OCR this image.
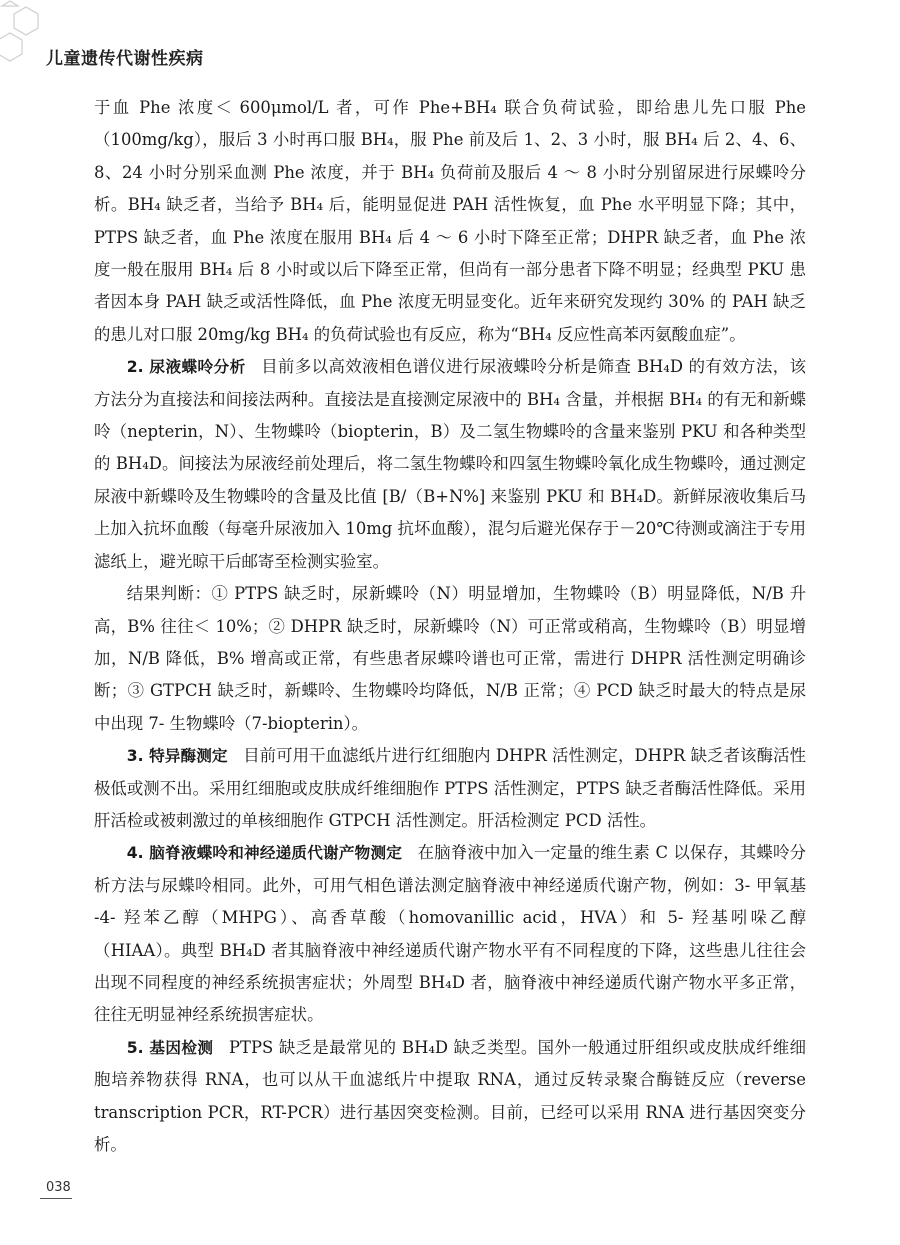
儿童遗传代谢性疾病

于血 Phe 浓度＜ 600μmol/L 者，可作 Phe+BH₄ 联合负荷试验，即给患儿先口服 Phe（100mg/kg），服后 3 小时再口服 BH₄，服 Phe 前及后 1、2、3 小时，服 BH₄ 后 2、4、6、8、24 小时分别采血测 Phe 浓度，并于 BH₄ 负荷前及服后 4 ～ 8 小时分别留尿进行尿蝶呤分析。BH₄ 缺乏者，当给予 BH₄ 后，能明显促进 PAH 活性恢复，血 Phe 水平明显下降；其中，PTPS 缺乏者，血 Phe 浓度在服用 BH₄ 后 4 ～ 6 小时下降至正常；DHPR 缺乏者，血 Phe 浓度一般在服用 BH₄ 后 8 小时或以后下降至正常，但尚有一部分患者下降不明显；经典型 PKU 患者因本身 PAH 缺乏或活性降低，血 Phe 浓度无明显变化。近年来研究发现约 30% 的 PAH 缺乏的患儿对口服 20mg/kg BH₄ 的负荷试验也有反应，称为“BH₄ 反应性高苯丙氨酸血症”。

2. 尿液蝶呤分析 目前多以高效液相色谱仪进行尿液蝶呤分析是筛查 BH₄D 的有效方法，该方法分为直接法和间接法两种。直接法是直接测定尿液中的 BH₄ 含量，并根据 BH₄ 的有无和新蝶呤（nepterin，N）、生物蝶呤（biopterin，B）及二氢生物蝶呤的含量来鉴别 PKU 和各种类型的 BH₄D。间接法为尿液经前处理后，将二氢生物蝶呤和四氢生物蝶呤氧化成生物蝶呤，通过测定尿液中新蝶呤及生物蝶呤的含量及比值 [B/（B+N%] 来鉴别 PKU 和 BH₄D。新鲜尿液收集后马上加入抗坏血酸（每毫升尿液加入 10mg 抗坏血酸），混匀后避光保存于－20℃待测或滴注于专用滤纸上，避光晾干后邮寄至检测实验室。

结果判断：① PTPS 缺乏时，尿新蝶呤（N）明显增加，生物蝶呤（B）明显降低，N/B 升高，B% 往往＜ 10%；② DHPR 缺乏时，尿新蝶呤（N）可正常或稍高，生物蝶呤（B）明显增加，N/B 降低，B% 增高或正常，有些患者尿蝶呤谱也可正常，需进行 DHPR 活性测定明确诊断；③ GTPCH 缺乏时，新蝶呤、生物蝶呤均降低，N/B 正常；④ PCD 缺乏时最大的特点是尿中出现 7- 生物蝶呤（7-biopterin）。

3. 特异酶测定 目前可用干血滤纸片进行红细胞内 DHPR 活性测定，DHPR 缺乏者该酶活性极低或测不出。采用红细胞或皮肤成纤维细胞作 PTPS 活性测定，PTPS 缺乏者酶活性降低。采用肝活检或被刺激过的单核细胞作 GTPCH 活性测定。肝活检测定 PCD 活性。

4. 脑脊液蝶呤和神经递质代谢产物测定 在脑脊液中加入一定量的维生素 C 以保存，其蝶呤分析方法与尿蝶呤相同。此外，可用气相色谱法测定脑脊液中神经递质代谢产物，例如：3- 甲氧基 -4- 羟苯乙醇（MHPG）、高香草酸（homovanillic acid，HVA）和 5- 羟基吲哚乙醇（HIAA）。典型 BH₄D 者其脑脊液中神经递质代谢产物水平有不同程度的下降，这些患儿往往会出现不同程度的神经系统损害症状；外周型 BH₄D 者，脑脊液中神经递质代谢产物水平多正常，往往无明显神经系统损害症状。

5. 基因检测 PTPS 缺乏是最常见的 BH₄D 缺乏类型。国外一般通过肝组织或皮肤成纤维细胞培养物获得 RNA，也可以从干血滤纸片中提取 RNA，通过反转录聚合酶链反应（reverse transcription PCR，RT-PCR）进行基因突变检测。目前，已经可以采用 RNA 进行基因突变分析。

038
